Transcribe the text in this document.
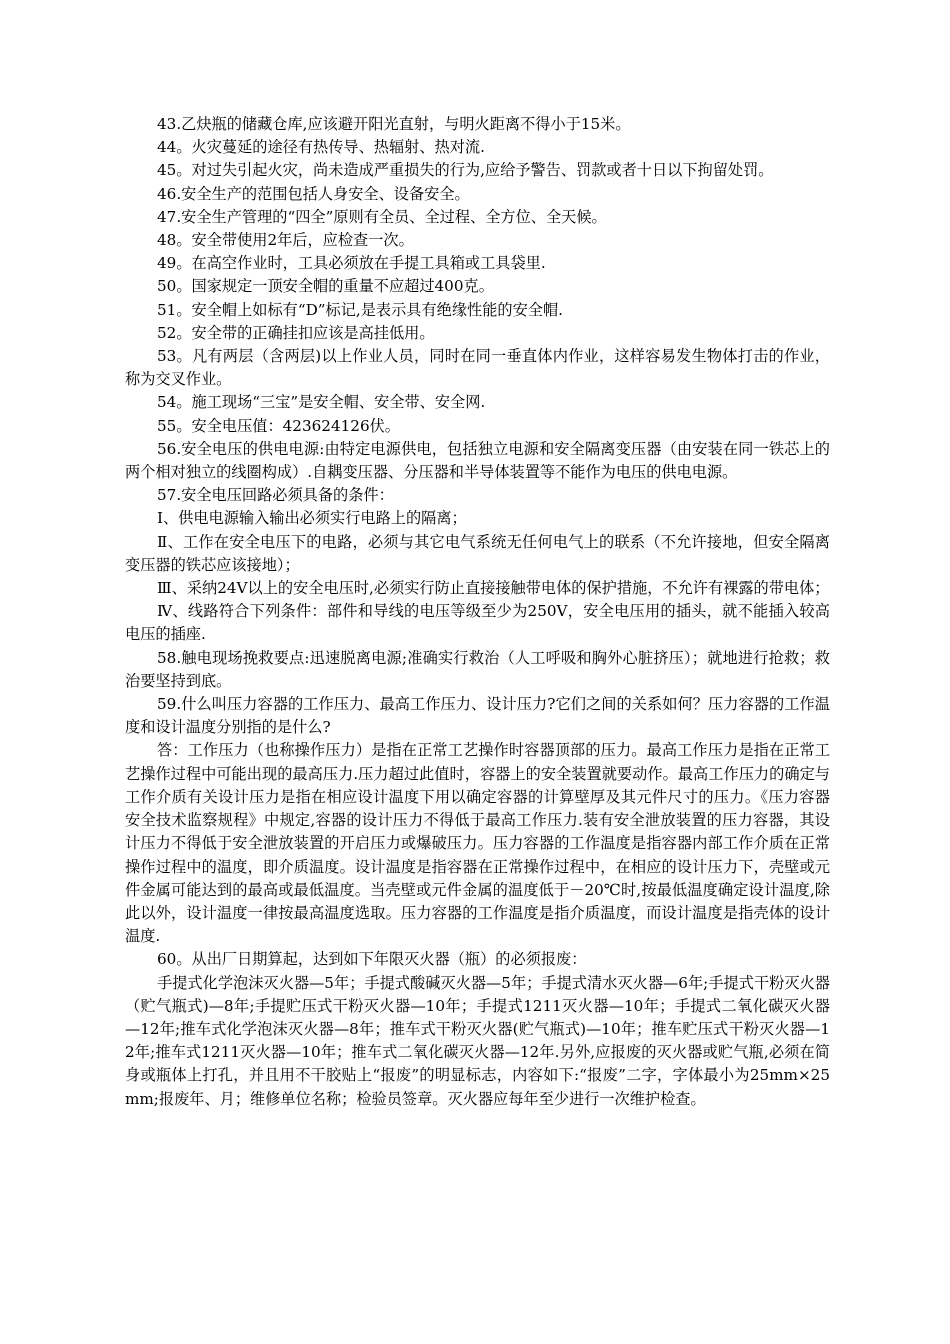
43.乙炔瓶的储藏仓库,应该避开阳光直射，与明火距离不得小于15米。

44。火灾蔓延的途径有热传导、热辐射、热对流.

45。对过失引起火灾，尚未造成严重损失的行为,应给予警告、罚款或者十日以下拘留处罚。

46.安全生产的范围包括人身安全、设备安全。

47.安全生产管理的“四全”原则有全员、全过程、全方位、全天候。

48。安全带使用2年后，应检查一次。

49。在高空作业时，工具必须放在手提工具箱或工具袋里.

50。国家规定一顶安全帽的重量不应超过400克。

51。安全帽上如标有“D”标记,是表示具有绝缘性能的安全帽.

52。安全带的正确挂扣应该是高挂低用。

53。凡有两层（含两层)以上作业人员，同时在同一垂直体内作业，这样容易发生物体打击的作业，称为交叉作业。

54。施工现场“三宝”是安全帽、安全带、安全网.

55。安全电压值：423624126伏。

56.安全电压的供电电源:由特定电源供电，包括独立电源和安全隔离变压器（由安装在同一铁芯上的两个相对独立的线圈构成）.自耦变压器、分压器和半导体装置等不能作为电压的供电电源。

57.安全电压回路必须具备的条件：

Ⅰ、供电电源输入输出必须实行电路上的隔离；

Ⅱ、工作在安全电压下的电路，必须与其它电气系统无任何电气上的联系（不允许接地，但安全隔离变压器的铁芯应该接地）；

Ⅲ、采纳24V以上的安全电压时,必须实行防止直接接触带电体的保护措施，不允许有裸露的带电体；

Ⅳ、线路符合下列条件：部件和导线的电压等级至少为250V，安全电压用的插头，就不能插入较高电压的插座.

58.触电现场挽救要点:迅速脱离电源;准确实行救治（人工呼吸和胸外心脏挤压）；就地进行抢救；救治要坚持到底。

59.什么叫压力容器的工作压力、最高工作压力、设计压力?它们之间的关系如何？压力容器的工作温度和设计温度分别指的是什么?

答：工作压力（也称操作压力）是指在正常工艺操作时容器顶部的压力。最高工作压力是指在正常工艺操作过程中可能出现的最高压力.压力超过此值时，容器上的安全装置就要动作。最高工作压力的确定与工作介质有关设计压力是指在相应设计温度下用以确定容器的计算壁厚及其元件尺寸的压力。《压力容器安全技术监察规程》中规定,容器的设计压力不得低于最高工作压力.装有安全泄放装置的压力容器，其设计压力不得低于安全泄放装置的开启压力或爆破压力。压力容器的工作温度是指容器内部工作介质在正常操作过程中的温度，即介质温度。设计温度是指容器在正常操作过程中，在相应的设计压力下，壳壁或元件金属可能达到的最高或最低温度。当壳壁或元件金属的温度低于－20℃时,按最低温度确定设计温度,除此以外，设计温度一律按最高温度选取。压力容器的工作温度是指介质温度，而设计温度是指壳体的设计温度.

60。从出厂日期算起，达到如下年限灭火器（瓶）的必须报废：

手提式化学泡沫灭火器—5年；手提式酸碱灭火器—5年；手提式清水灭火器—6年;手提式干粉灭火器（贮气瓶式)—8年;手提贮压式干粉灭火器—10年；手提式1211灭火器—10年；手提式二氧化碳灭火器—12年;推车式化学泡沫灭火器—8年；推车式干粉灭火器(贮气瓶式)—10年；推车贮压式干粉灭火器—12年;推车式1211灭火器—10年；推车式二氧化碳灭火器—12年.另外,应报废的灭火器或贮气瓶,必须在简身或瓶体上打孔，并且用不干胶贴上“报废”的明显标志，内容如下:“报废”二字，字体最小为25mm×25mm;报废年、月；维修单位名称；检验员签章。灭火器应每年至少进行一次维护检查。
